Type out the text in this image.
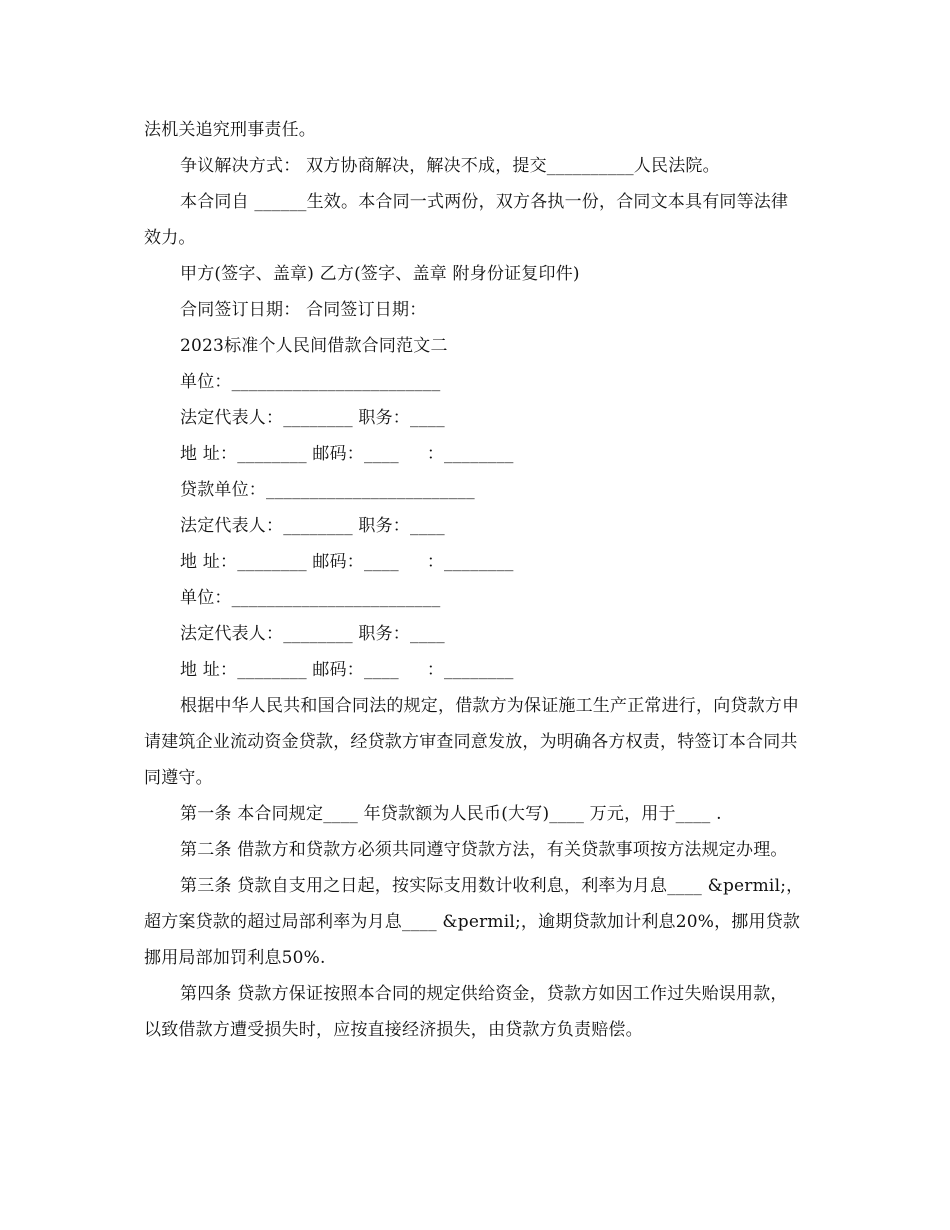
法机关追究刑事责任。

争议解决方式： 双方协商解决，解决不成，提交__________人民法院。

本合同自 ______生效。本合同一式两份，双方各执一份，合同文本具有同等法律效力。

甲方(签字、盖章) 乙方(签字、盖章 附身份证复印件)

合同签订日期： 合同签订日期：

2023标准个人民间借款合同范文二

单位：________________________

法定代表人：________ 职务：____

地 址：________ 邮码：____     ：________

贷款单位：________________________

法定代表人：________ 职务：____

地 址：________ 邮码：____     ：________

单位：________________________

法定代表人：________ 职务：____

地 址：________ 邮码：____     ：________

根据中华人民共和国合同法的规定，借款方为保证施工生产正常进行，向贷款方申请建筑企业流动资金贷款，经贷款方审查同意发放，为明确各方权责，特签订本合同共同遵守。

第一条 本合同规定____ 年贷款额为人民币(大写)____ 万元，用于____ .

第二条 借款方和贷款方必须共同遵守贷款方法，有关贷款事项按方法规定办理。

第三条 贷款自支用之日起，按实际支用数计收利息，利率为月息____ &permil;，超方案贷款的超过局部利率为月息____ &permil;，逾期贷款加计利息20%，挪用贷款挪用局部加罚利息50%.

第四条 贷款方保证按照本合同的规定供给资金，贷款方如因工作过失贻误用款，以致借款方遭受损失时，应按直接经济损失，由贷款方负责赔偿。
